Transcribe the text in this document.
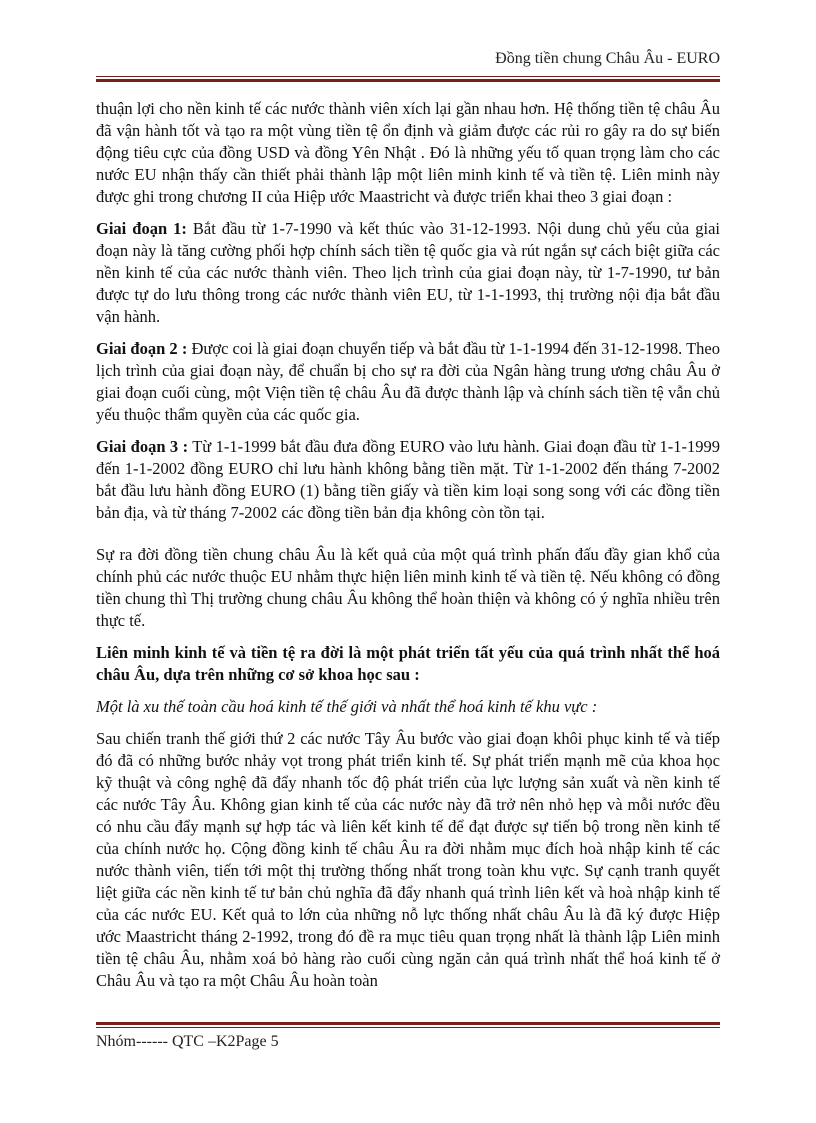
Đồng tiền chung Châu Âu - EURO

thuận lợi cho nền kinh tế các nước thành viên xích lại gần nhau hơn. Hệ thống tiền tệ châu Âu đã vận hành tốt và tạo ra một vùng tiền tệ ổn định và giảm được các rủi ro gây ra do sự biến động tiêu cực của đồng USD và đồng Yên Nhật . Đó là những yếu tố quan trọng làm cho các nước EU nhận thấy cần thiết phải thành lập một liên minh kinh tế và tiền tệ. Liên minh này được ghi trong chương II của Hiệp ước Maastricht và được triển khai theo 3 giai đoạn :

Giai đoạn 1: Bắt đầu từ 1-7-1990 và kết thúc vào 31-12-1993. Nội dung chủ yếu của giai đoạn này là tăng cường phối hợp chính sách tiền tệ quốc gia và rút ngắn sự cách biệt giữa các nền kinh tế của các nước thành viên. Theo lịch trình của giai đoạn này, từ 1-7-1990, tư bản được tự do lưu thông trong các nước thành viên EU, từ 1-1-1993, thị trường nội địa bắt đầu vận hành.

Giai đoạn 2 : Được coi là giai đoạn chuyển tiếp và bắt đầu từ 1-1-1994 đến 31-12-1998. Theo lịch trình của giai đoạn này, để chuẩn bị cho sự ra đời của Ngân hàng trung ương châu Âu ở giai đoạn cuối cùng, một Viện tiền tệ châu Âu đã được thành lập và chính sách tiền tệ vẫn chủ yếu thuộc thẩm quyền của các quốc gia.

Giai đoạn 3 : Từ 1-1-1999 bắt đầu đưa đồng EURO vào lưu hành. Giai đoạn đầu từ 1-1-1999 đến 1-1-2002 đồng EURO chỉ lưu hành không bằng tiền mặt. Từ 1-1-2002 đến tháng 7-2002 bắt đầu lưu hành đồng EURO (1) bằng tiền giấy và tiền kim loại song song với các đồng tiền bản địa, và từ tháng 7-2002 các đồng tiền bản địa không còn tồn tại.

Sự ra đời đồng tiền chung châu Âu là kết quả của một quá trình phấn đấu đầy gian khổ của chính phủ các nước thuộc EU nhằm thực hiện liên minh kinh tế và tiền tệ. Nếu không có đồng tiền chung thì Thị trường chung châu Âu không thể hoàn thiện và không có ý nghĩa nhiều trên thực tế.

Liên minh kinh tế và tiền tệ ra đời là một phát triển tất yếu của quá trình nhất thể hoá châu Âu, dựa trên những cơ sở khoa học sau :

Một là xu thế toàn cầu hoá kinh tế thế giới và nhất thể hoá kinh tế khu vực :

Sau chiến tranh thế giới thứ 2 các nước Tây Âu bước vào giai đoạn khôi phục kinh tế và tiếp đó đã có những bước nhảy vọt trong phát triển kinh tế. Sự phát triển mạnh mẽ của khoa học kỹ thuật và công nghệ đã đẩy nhanh tốc độ phát triển của lực lượng sản xuất và nền kinh tế các nước Tây Âu. Không gian kinh tế của các nước này đã trở nên nhỏ hẹp và mỗi nước đều có nhu cầu đẩy mạnh sự hợp tác và liên kết kinh tế để đạt được sự tiến bộ trong nền kinh tế của chính nước họ. Cộng đồng kinh tế châu Âu ra đời nhằm mục đích hoà nhập kinh tế các nước thành viên, tiến tới một thị trường thống nhất trong toàn khu vực. Sự cạnh tranh quyết liệt giữa các nền kinh tế tư bản chủ nghĩa đã đẩy nhanh quá trình liên kết và hoà nhập kinh tế của các nước EU. Kết quả to lớn của những nỗ lực thống nhất châu Âu là đã ký được Hiệp ước Maastricht tháng 2-1992, trong đó đề ra mục tiêu quan trọng nhất là thành lập Liên minh tiền tệ châu Âu, nhằm xoá bỏ hàng rào cuối cùng ngăn cản quá trình nhất thể hoá kinh tế ở Châu Âu và tạo ra một Châu Âu hoàn toàn

Nhóm------ QTC –K2Page 5
